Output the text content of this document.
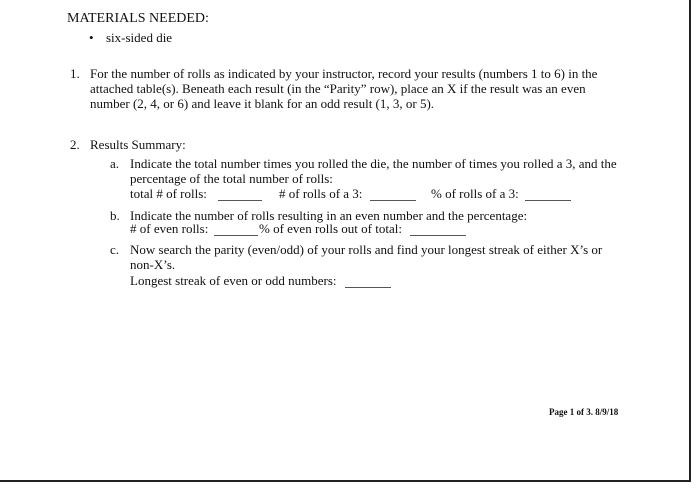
MATERIALS NEEDED:
• six-sided die
1. For the number of rolls as indicated by your instructor, record your results (numbers 1 to 6) in the
attached table(s). Beneath each result (in the “Parity” row), place an X if the result was an even
number (2, 4, or 6) and leave it blank for an odd result (1, 3, or 5).
2. Results Summary:
a. Indicate the total number times you rolled the die, the number of times you rolled a 3, and the
percentage of the total number of rolls:
total # of rolls:	# of rolls of a 3:	% of rolls of a 3:
b. Indicate the number of rolls resulting in an even number and the percentage:
# of even rolls:	% of even rolls out of total:
c. Now search the parity (even/odd) of your rolls and find your longest streak of either X’s or
non-X’s.
Longest streak of even or odd numbers:
Page 1 of 3. 8/9/18
